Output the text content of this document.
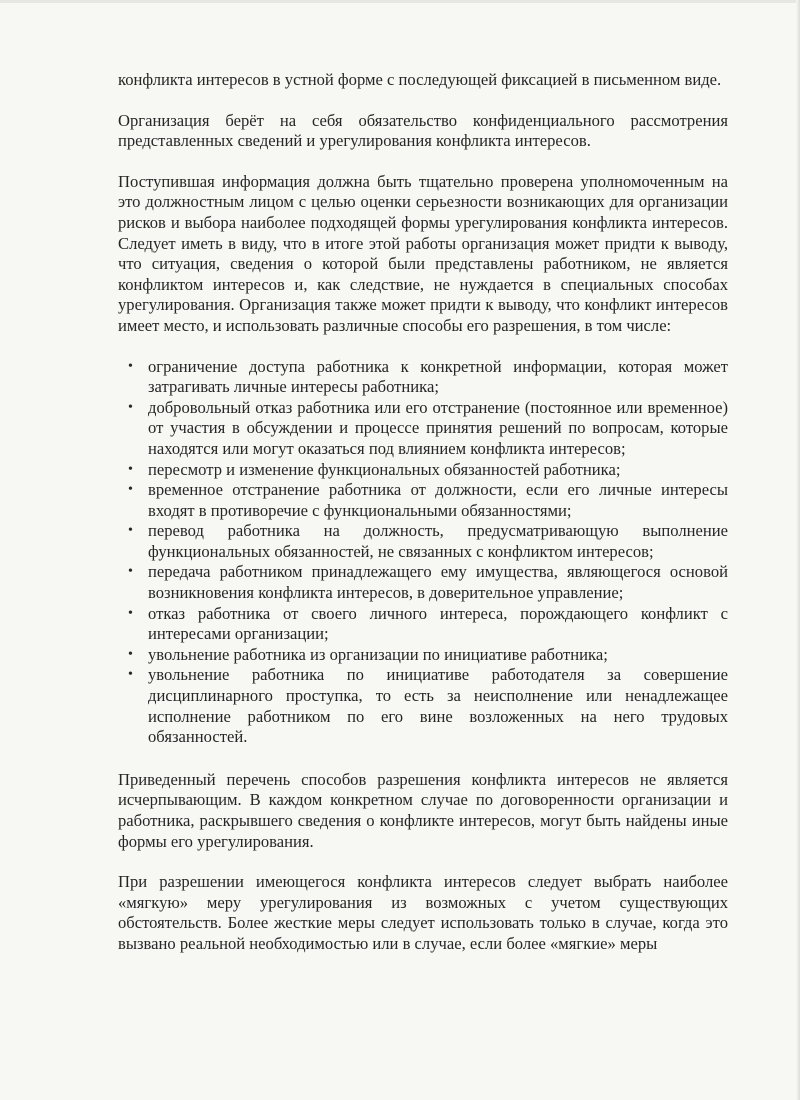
конфликта интересов в устной форме с последующей фиксацией в письменном виде.

Организация берёт на себя обязательство конфиденциального рассмотрения представленных сведений и урегулирования конфликта интересов.

Поступившая информация должна быть тщательно проверена уполномоченным на это должностным лицом с целью оценки серьезности возникающих для организации рисков и выбора наиболее подходящей формы урегулирования конфликта интересов. Следует иметь в виду, что в итоге этой работы организация может придти к выводу, что ситуация, сведения о которой были представлены работником, не является конфликтом интересов и, как следствие, не нуждается в специальных способах урегулирования. Организация также может придти к выводу, что конфликт интересов имеет место, и использовать различные способы его разрешения, в том числе:

• ограничение доступа работника к конкретной информации, которая может затрагивать личные интересы работника;
• добровольный отказ работника или его отстранение (постоянное или временное) от участия в обсуждении и процессе принятия решений по вопросам, которые находятся или могут оказаться под влиянием конфликта интересов;
• пересмотр и изменение функциональных обязанностей работника;
• временное отстранение работника от должности, если его личные интересы входят в противоречие с функциональными обязанностями;
• перевод работника на должность, предусматривающую выполнение функциональных обязанностей, не связанных с конфликтом интересов;
• передача работником принадлежащего ему имущества, являющегося основой возникновения конфликта интересов, в доверительное управление;
• отказ работника от своего личного интереса, порождающего конфликт с интересами организации;
• увольнение работника из организации по инициативе работника;
• увольнение работника по инициативе работодателя за совершение дисциплинарного проступка, то есть за неисполнение или ненадлежащее исполнение работником по его вине возложенных на него трудовых обязанностей.

Приведенный перечень способов разрешения конфликта интересов не является исчерпывающим. В каждом конкретном случае по договоренности организации и работника, раскрывшего сведения о конфликте интересов, могут быть найдены иные формы его урегулирования.

При разрешении имеющегося конфликта интересов следует выбрать наиболее «мягкую» меру урегулирования из возможных с учетом существующих обстоятельств. Более жесткие меры следует использовать только в случае, когда это вызвано реальной необходимостью или в случае, если более «мягкие» меры
